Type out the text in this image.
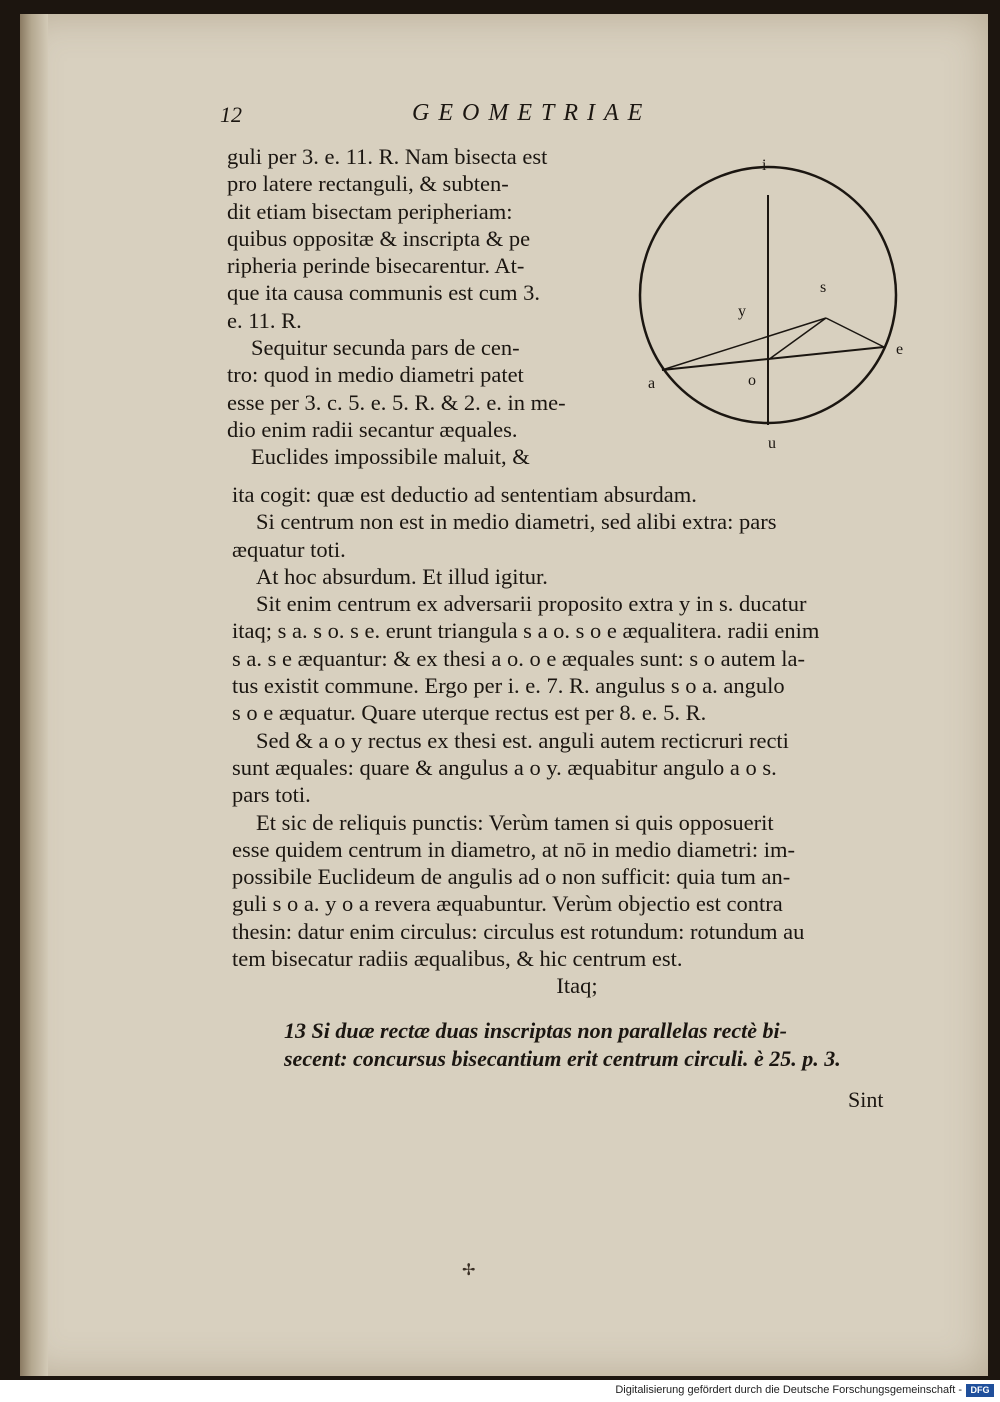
12	GEOMETRIAE
guli per 3. e. 11. R. Nam bisecta est
pro latere rectanguli, & subten-
dit etiam bisectam peripheriam:
quibus oppositæ & inscripta & pe
ripheria perinde bisecarentur. At-
que ita causa communis est cum 3.
e. 11. R.
Sequitur secunda pars de cen-
tro: quod in medio diametri patet
esse per 3. c. 5. e. 5. R. & 2. e. in me-
dio enim radii secantur æquales.
Euclides impossibile maluit, &
i
y
s
e
a	o
u
ita cogit: quæ est deductio ad sententiam absurdam.
Si centrum non est in medio diametri, sed alibi extra: pars
æquatur toti.
At hoc absurdum. Et illud igitur.
Sit enim centrum ex adversarii proposito extra y in s. ducatur
itaq; s a. s o. s e. erunt triangula s a o. s o e æqualitera. radii enim
s a. s e æquantur: & ex thesi a o. o e æquales sunt: s o autem la-
tus existit commune. Ergo per i. e. 7. R. angulus s o a. angulo
s o e æquatur. Quare uterque rectus est per 8. e. 5. R.
Sed & a o y rectus ex thesi est. anguli autem recticruri recti
sunt æquales: quare & angulus a o y. æquabitur angulo a o s.
pars toti.
Et sic de reliquis punctis: Verùm tamen si quis opposuerit
esse quidem centrum in diametro, at nō in medio diametri: im-
possibile Euclideum de angulis ad o non sufficit: quia tum an-
guli s o a. y o a revera æquabuntur. Verùm objectio est contra
thesin: datur enim circulus: circulus est rotundum: rotundum au
tem bisecatur radiis æqualibus, & hic centrum est.
Itaq;
13 Si duæ rectæ duas inscriptas non parallelas rectè bi-
secent: concursus bisecantium erit centrum circuli. è 25. p. 3.
Sint
✢
Digitalisierung gefördert durch die Deutsche Forschungsgemeinschaft - DFG
